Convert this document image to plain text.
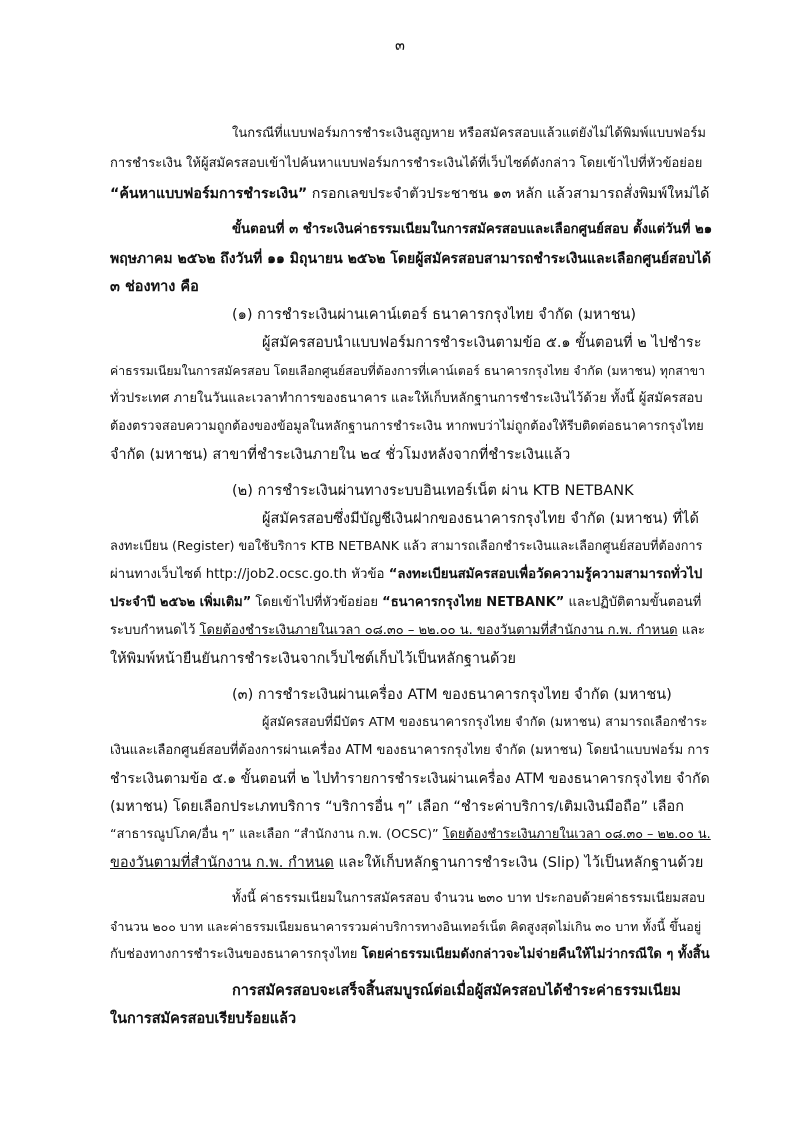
๓
ในกรณีที่แบบฟอร์มการชำระเงินสูญหาย หรือสมัครสอบแล้วแต่ยังไม่ได้พิมพ์แบบฟอร์ม
การชำระเงิน ให้ผู้สมัครสอบเข้าไปค้นหาแบบฟอร์มการชำระเงินได้ที่เว็บไซต์ดังกล่าว โดยเข้าไปที่หัวข้อย่อย
“ค้นหาแบบฟอร์มการชำระเงิน” กรอกเลขประจำตัวประชาชน ๑๓ หลัก แล้วสามารถสั่งพิมพ์ใหม่ได้
ขั้นตอนที่ ๓ ชำระเงินค่าธรรมเนียมในการสมัครสอบและเลือกศูนย์สอบ ตั้งแต่วันที่ ๒๑
พฤษภาคม ๒๕๖๒ ถึงวันที่ ๑๑ มิถุนายน ๒๕๖๒ โดยผู้สมัครสอบสามารถชำระเงินและเลือกศูนย์สอบได้
๓ ช่องทาง คือ
(๑) การชำระเงินผ่านเคาน์เตอร์ ธนาคารกรุงไทย จำกัด (มหาชน)
ผู้สมัครสอบนำแบบฟอร์มการชำระเงินตามข้อ ๕.๑ ขั้นตอนที่ ๒ ไปชำระ
ค่าธรรมเนียมในการสมัครสอบ โดยเลือกศูนย์สอบที่ต้องการที่เคาน์เตอร์ ธนาคารกรุงไทย จำกัด (มหาชน) ทุกสาขา
ทั่วประเทศ ภายในวันและเวลาทำการของธนาคาร และให้เก็บหลักฐานการชำระเงินไว้ด้วย ทั้งนี้ ผู้สมัครสอบ
ต้องตรวจสอบความถูกต้องของข้อมูลในหลักฐานการชำระเงิน หากพบว่าไม่ถูกต้องให้รีบติดต่อธนาคารกรุงไทย
จำกัด (มหาชน) สาขาที่ชำระเงินภายใน ๒๔ ชั่วโมงหลังจากที่ชำระเงินแล้ว
(๒) การชำระเงินผ่านทางระบบอินเทอร์เน็ต ผ่าน KTB NETBANK
ผู้สมัครสอบซึ่งมีบัญชีเงินฝากของธนาคารกรุงไทย จำกัด (มหาชน) ที่ได้
ลงทะเบียน (Register) ขอใช้บริการ KTB NETBANK แล้ว สามารถเลือกชำระเงินและเลือกศูนย์สอบที่ต้องการ
ผ่านทางเว็บไซต์ http://job2.ocsc.go.th หัวข้อ “ลงทะเบียนสมัครสอบเพื่อวัดความรู้ความสามารถทั่วไป
ประจำปี ๒๕๖๒ เพิ่มเติม” โดยเข้าไปที่หัวข้อย่อย “ธนาคารกรุงไทย NETBANK” และปฏิบัติตามขั้นตอนที่
ระบบกำหนดไว้ โดยต้องชำระเงินภายในเวลา ๐๘.๓๐ – ๒๒.๐๐ น. ของวันตามที่สำนักงาน ก.พ. กำหนด และ
ให้พิมพ์หน้ายืนยันการชำระเงินจากเว็บไซต์เก็บไว้เป็นหลักฐานด้วย
(๓) การชำระเงินผ่านเครื่อง ATM ของธนาคารกรุงไทย จำกัด (มหาชน)
ผู้สมัครสอบที่มีบัตร ATM ของธนาคารกรุงไทย จำกัด (มหาชน) สามารถเลือกชำระ
เงินและเลือกศูนย์สอบที่ต้องการผ่านเครื่อง ATM ของธนาคารกรุงไทย จำกัด (มหาชน) โดยนำแบบฟอร์ม การ
ชำระเงินตามข้อ ๕.๑ ขั้นตอนที่ ๒ ไปทำรายการชำระเงินผ่านเครื่อง ATM ของธนาคารกรุงไทย จำกัด
(มหาชน) โดยเลือกประเภทบริการ “บริการอื่น ๆ” เลือก “ชำระค่าบริการ/เติมเงินมือถือ” เลือก
“สาธารณูปโภค/อื่น ๆ” และเลือก “สำนักงาน ก.พ. (OCSC)” โดยต้องชำระเงินภายในเวลา ๐๘.๓๐ – ๒๒.๐๐ น.
ของวันตามที่สำนักงาน ก.พ. กำหนด และให้เก็บหลักฐานการชำระเงิน (Slip) ไว้เป็นหลักฐานด้วย
ทั้งนี้ ค่าธรรมเนียมในการสมัครสอบ จำนวน ๒๓๐ บาท ประกอบด้วยค่าธรรมเนียมสอบ
จำนวน ๒๐๐ บาท และค่าธรรมเนียมธนาคารรวมค่าบริการทางอินเทอร์เน็ต คิดสูงสุดไม่เกิน ๓๐ บาท ทั้งนี้ ขึ้นอยู่
กับช่องทางการชำระเงินของธนาคารกรุงไทย โดยค่าธรรมเนียมดังกล่าวจะไม่จ่ายคืนให้ไม่ว่ากรณีใด ๆ ทั้งสิ้น
การสมัครสอบจะเสร็จสิ้นสมบูรณ์ต่อเมื่อผู้สมัครสอบได้ชำระค่าธรรมเนียม
ในการสมัครสอบเรียบร้อยแล้ว
